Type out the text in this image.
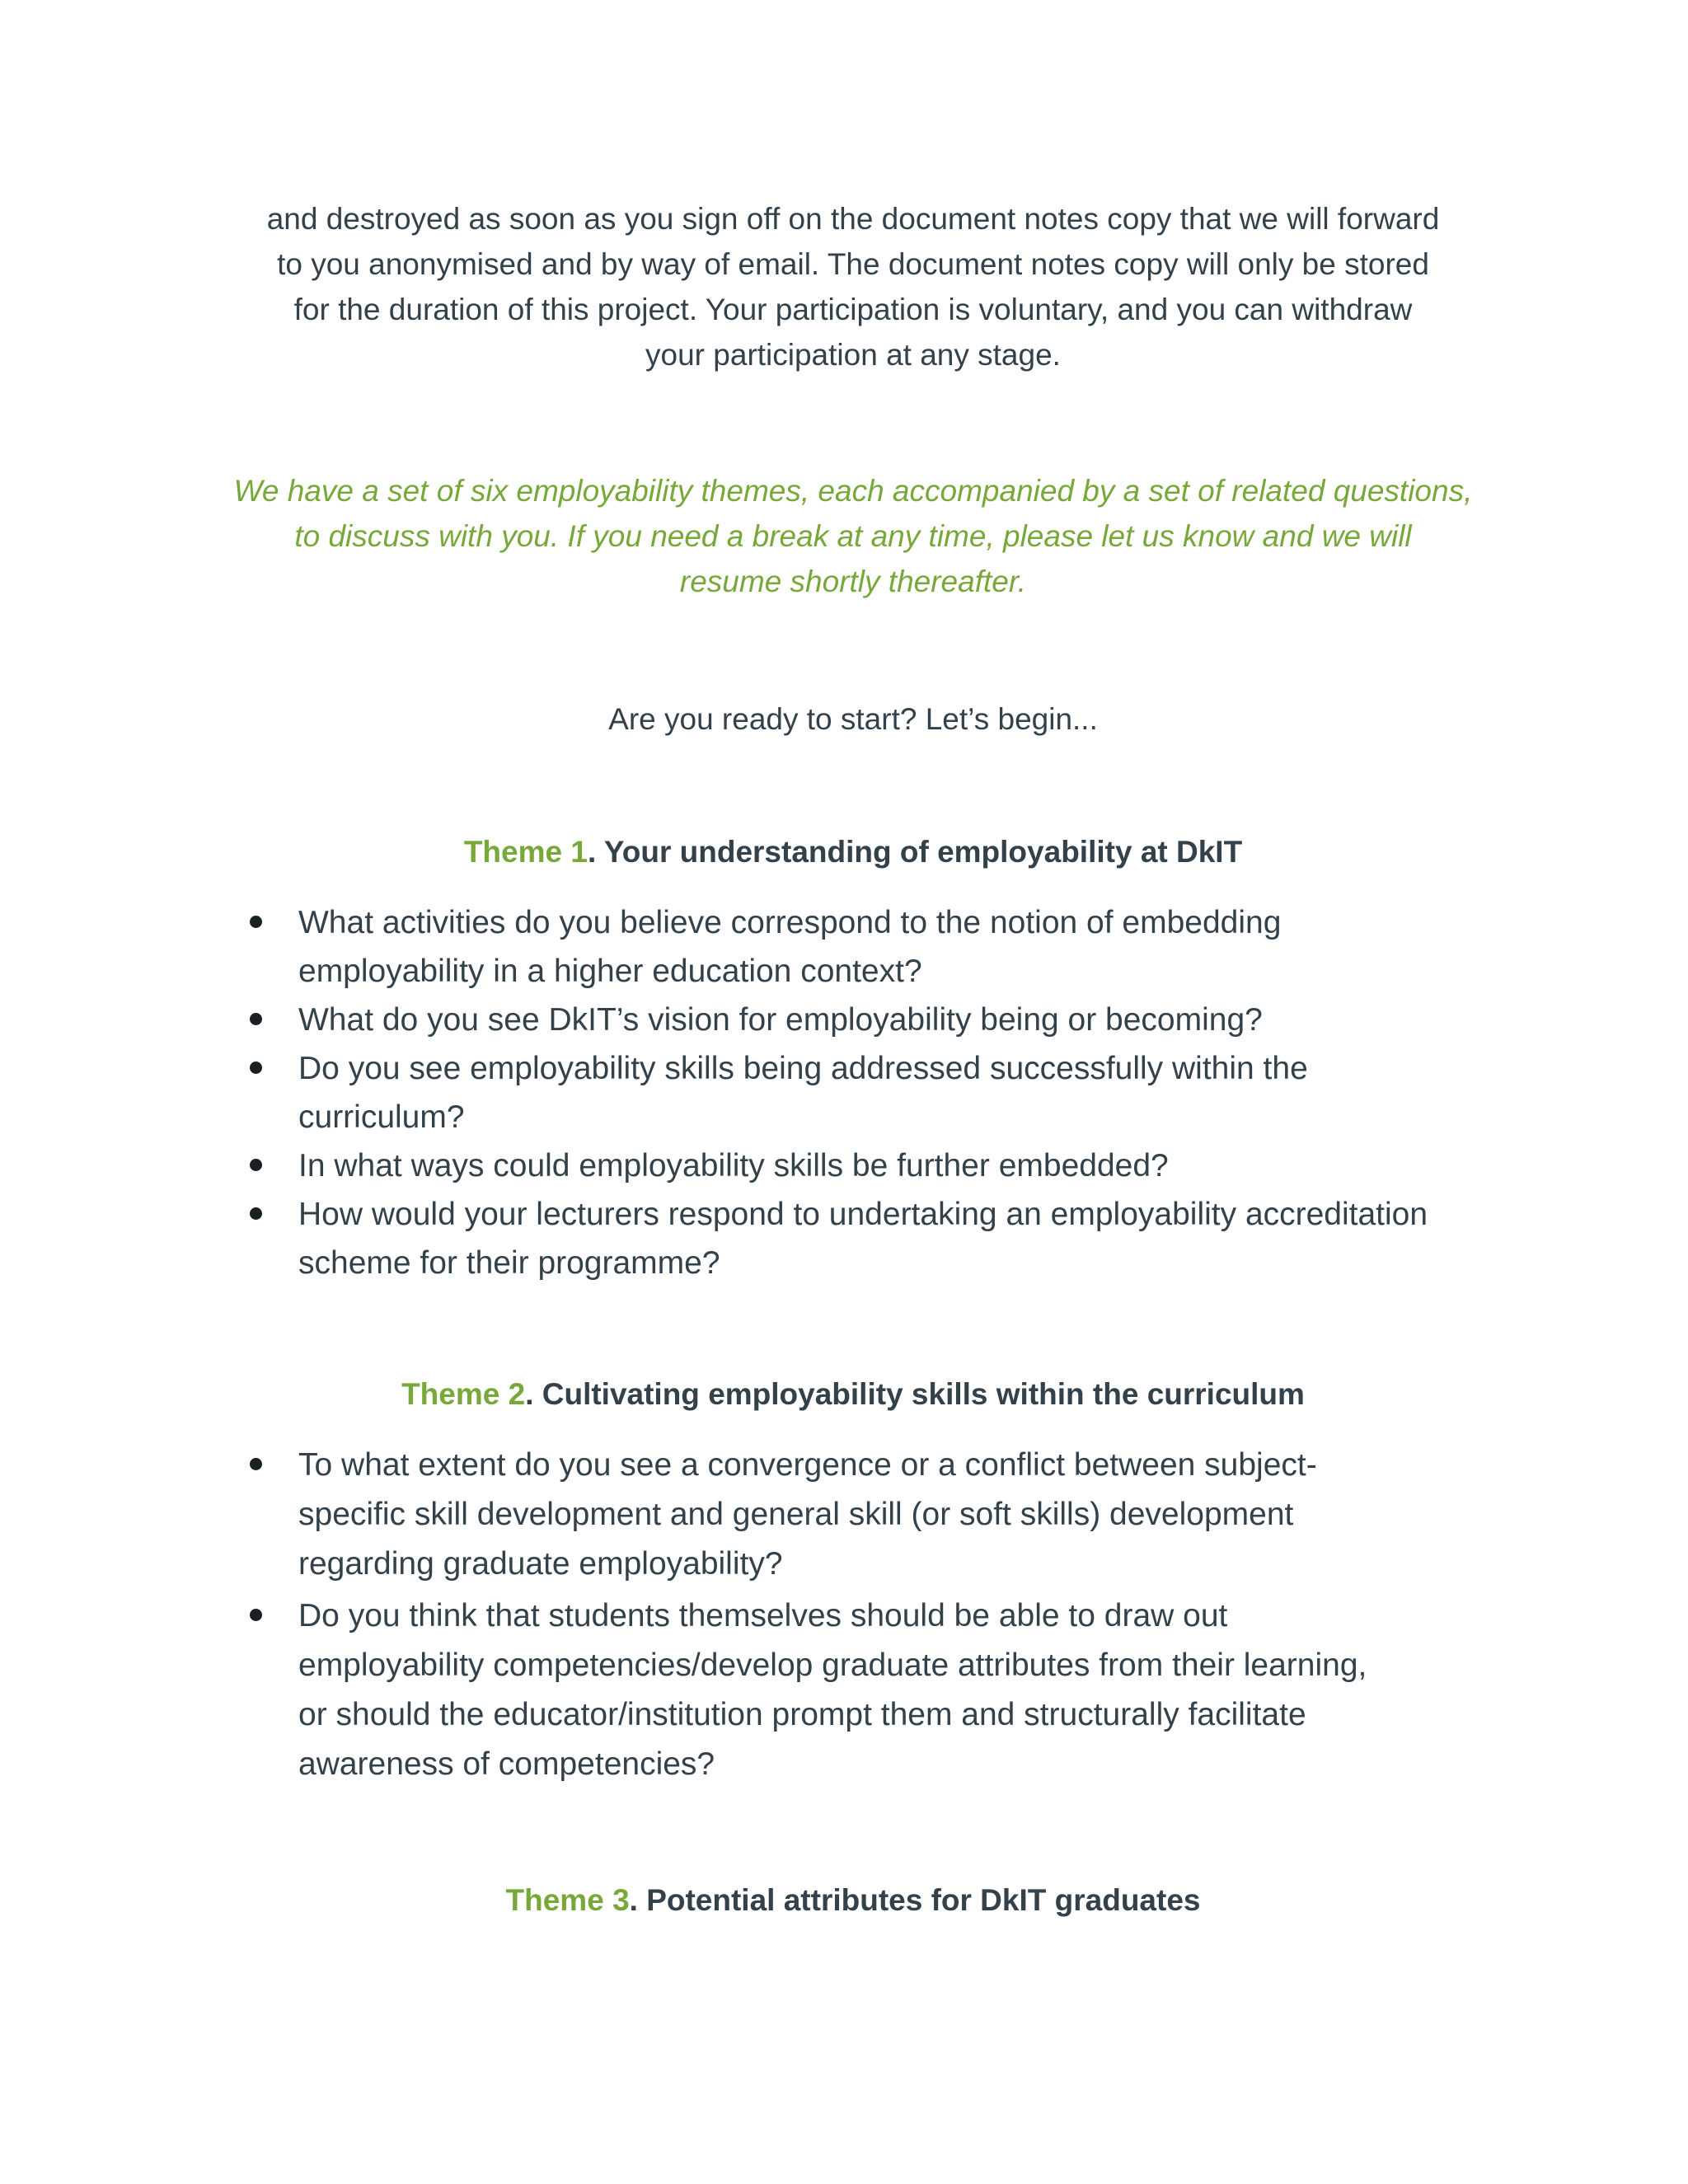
and destroyed as soon as you sign off on the document notes copy that we will forward
to you anonymised and by way of email. The document notes copy will only be stored
for the duration of this project. Your participation is voluntary, and you can withdraw
your participation at any stage.
We have a set of six employability themes, each accompanied by a set of related questions,
to discuss with you. If you need a break at any time, please let us know and we will
resume shortly thereafter.
Are you ready to start? Let’s begin...
Theme 1. Your understanding of employability at DkIT
What activities do you believe correspond to the notion of embedding
employability in a higher education context?
What do you see DkIT’s vision for employability being or becoming?
Do you see employability skills being addressed successfully within the
curriculum?
In what ways could employability skills be further embedded?
How would your lecturers respond to undertaking an employability accreditation
scheme for their programme?
Theme 2. Cultivating employability skills within the curriculum
To what extent do you see a convergence or a conflict between subject-
specific skill development and general skill (or soft skills) development
regarding graduate employability?
Do you think that students themselves should be able to draw out
employability competencies/develop graduate attributes from their learning,
or should the educator/institution prompt them and structurally facilitate
awareness of competencies?
Theme 3. Potential attributes for DkIT graduates
